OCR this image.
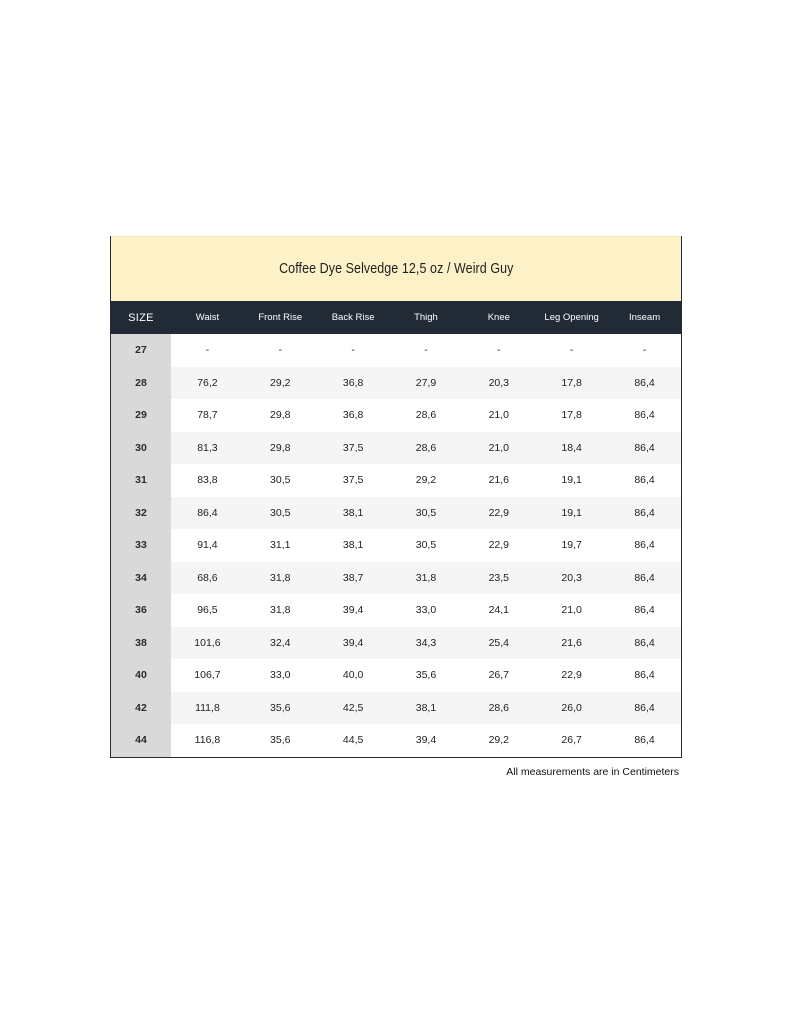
Coffee Dye Selvedge 12,5 oz / Weird Guy
SIZE	Waist	Front Rise	Back Rise	Thigh	Knee	Leg Opening	Inseam
27	-	-	-	-	-	-	-
28	76,2	29,2	36,8	27,9	20,3	17,8	86,4
29	78,7	29,8	36,8	28,6	21,0	17,8	86,4
30	81,3	29,8	37,5	28,6	21,0	18,4	86,4
31	83,8	30,5	37,5	29,2	21,6	19,1	86,4
32	86,4	30,5	38,1	30,5	22,9	19,1	86,4
33	91,4	31,1	38,1	30,5	22,9	19,7	86,4
34	68,6	31,8	38,7	31,8	23,5	20,3	86,4
36	96,5	31,8	39,4	33,0	24,1	21,0	86,4
38	101,6	32,4	39,4	34,3	25,4	21,6	86,4
40	106,7	33,0	40,0	35,6	26,7	22,9	86,4
42	111,8	35,6	42,5	38,1	28,6	26,0	86,4
44	116,8	35,6	44,5	39,4	29,2	26,7	86,4
All measurements are in Centimeters
